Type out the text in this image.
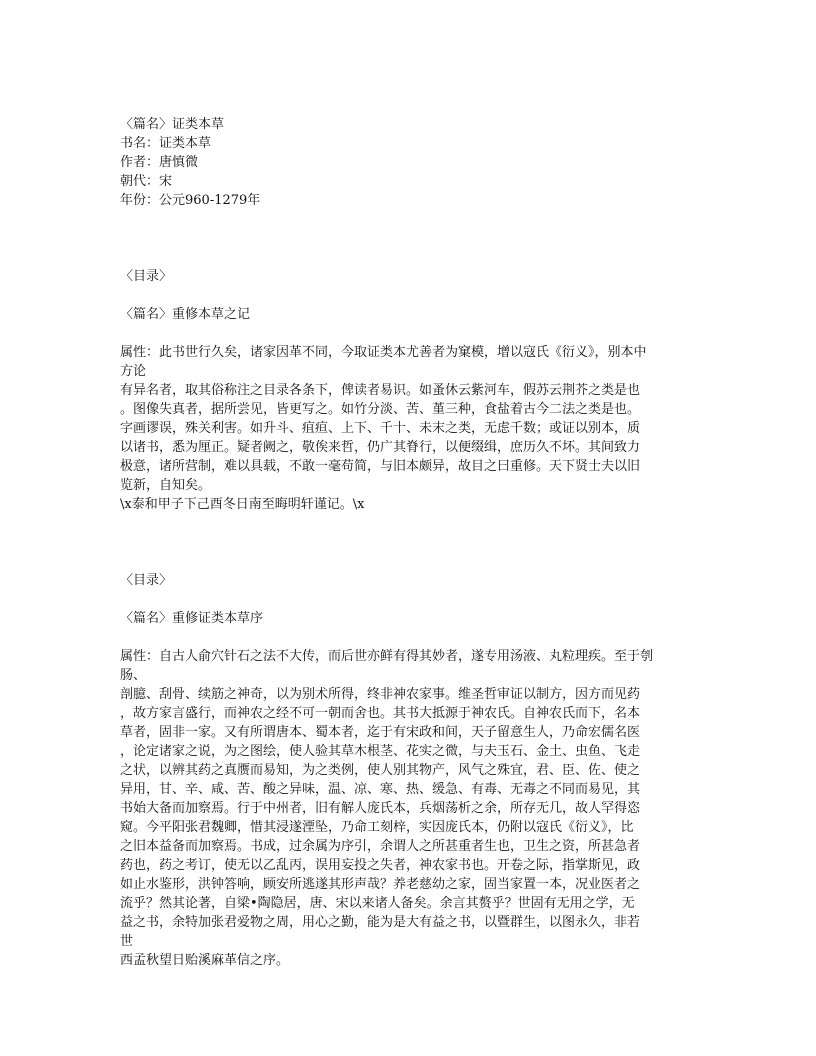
〈篇名〉证类本草
书名：证类本草
作者：唐慎微
朝代：宋
年份：公元960-1279年
〈目录〉
〈篇名〉重修本草之记
属性：此书世行久矣，诸家因革不同，今取证类本尤善者为窠模，增以寇氏《衍义》，别本中
方论
有异名者，取其俗称注之目录各条下，俾读者易识。如蚤休云紫河车，假苏云荆芥之类是也
。图像失真者，据所尝见，皆更写之。如竹分淡、苦、堇三种，食盐着古今二法之类是也。
字画谬误，殊关利害。如升斗、疽疸、上下、千十、未末之类，无虑千数；或证以别本，质
以诸书，悉为厘正。疑者阙之，敬俟来哲，仍广其脊行，以便缀缉，庶历久不坏。其间致力
极意，诸所营制，难以具载，不敢一毫苟简，与旧本颇异，故目之曰重修。天下贤士夫以旧
览新，自知矣。
\x泰和甲子下己酉冬日南至晦明轩谨记。\x
〈目录〉
〈篇名〉重修证类本草序
属性：自古人俞穴针石之法不大传，而后世亦鲜有得其妙者，遂专用汤液、丸粒理疾。至于刳
肠、
剖臆、刮骨、续筋之神奇，以为别术所得，终非神农家事。维圣哲审证以制方，因方而见药
，故方家言盛行，而神农之经不可一朝而舍也。其书大抵源于神农氏。自神农氏而下，名本
草者，固非一家。又有所谓唐本、蜀本者，迄于有宋政和间，天子留意生人，乃命宏儒名医
，论定诸家之说，为之图绘，使人验其草木根茎、花实之微，与夫玉石、金土、虫鱼、飞走
之状，以辨其药之真赝而易知，为之类例，使人别其物产，风气之殊宜，君、臣、佐、使之
异用，甘、辛、咸、苦、酸之异味，温、凉、寒、热、缓急、有毒、无毒之不同而易见，其
书始大备而加察焉。行于中州者，旧有解人庞氏本，兵烟荡析之余，所存无几，故人罕得恣
窥。今平阳张君魏卿，惜其浸遂湮坠，乃命工刻梓，实因庞氏本，仍附以寇氏《衍义》，比
之旧本益备而加察焉。书成，过余属为序引，余谓人之所甚重者生也，卫生之资，所甚急者
药也，药之考订，使无以乙乱丙，误用妄投之失者，神农家书也。开卷之际，指掌斯见，政
如止水鉴形，洪钟答响，顾安所逃遂其形声哉？养老慈幼之家，固当家置一本，况业医者之
流乎？然其论著，自梁•陶隐居，唐、宋以来诸人备矣。余言其赘乎？世固有无用之学，无
益之书，余特加张君爱物之周，用心之勤，能为是大有益之书，以暨群生，以图永久，非若
世
西孟秋望日贻溪麻革信之序。
